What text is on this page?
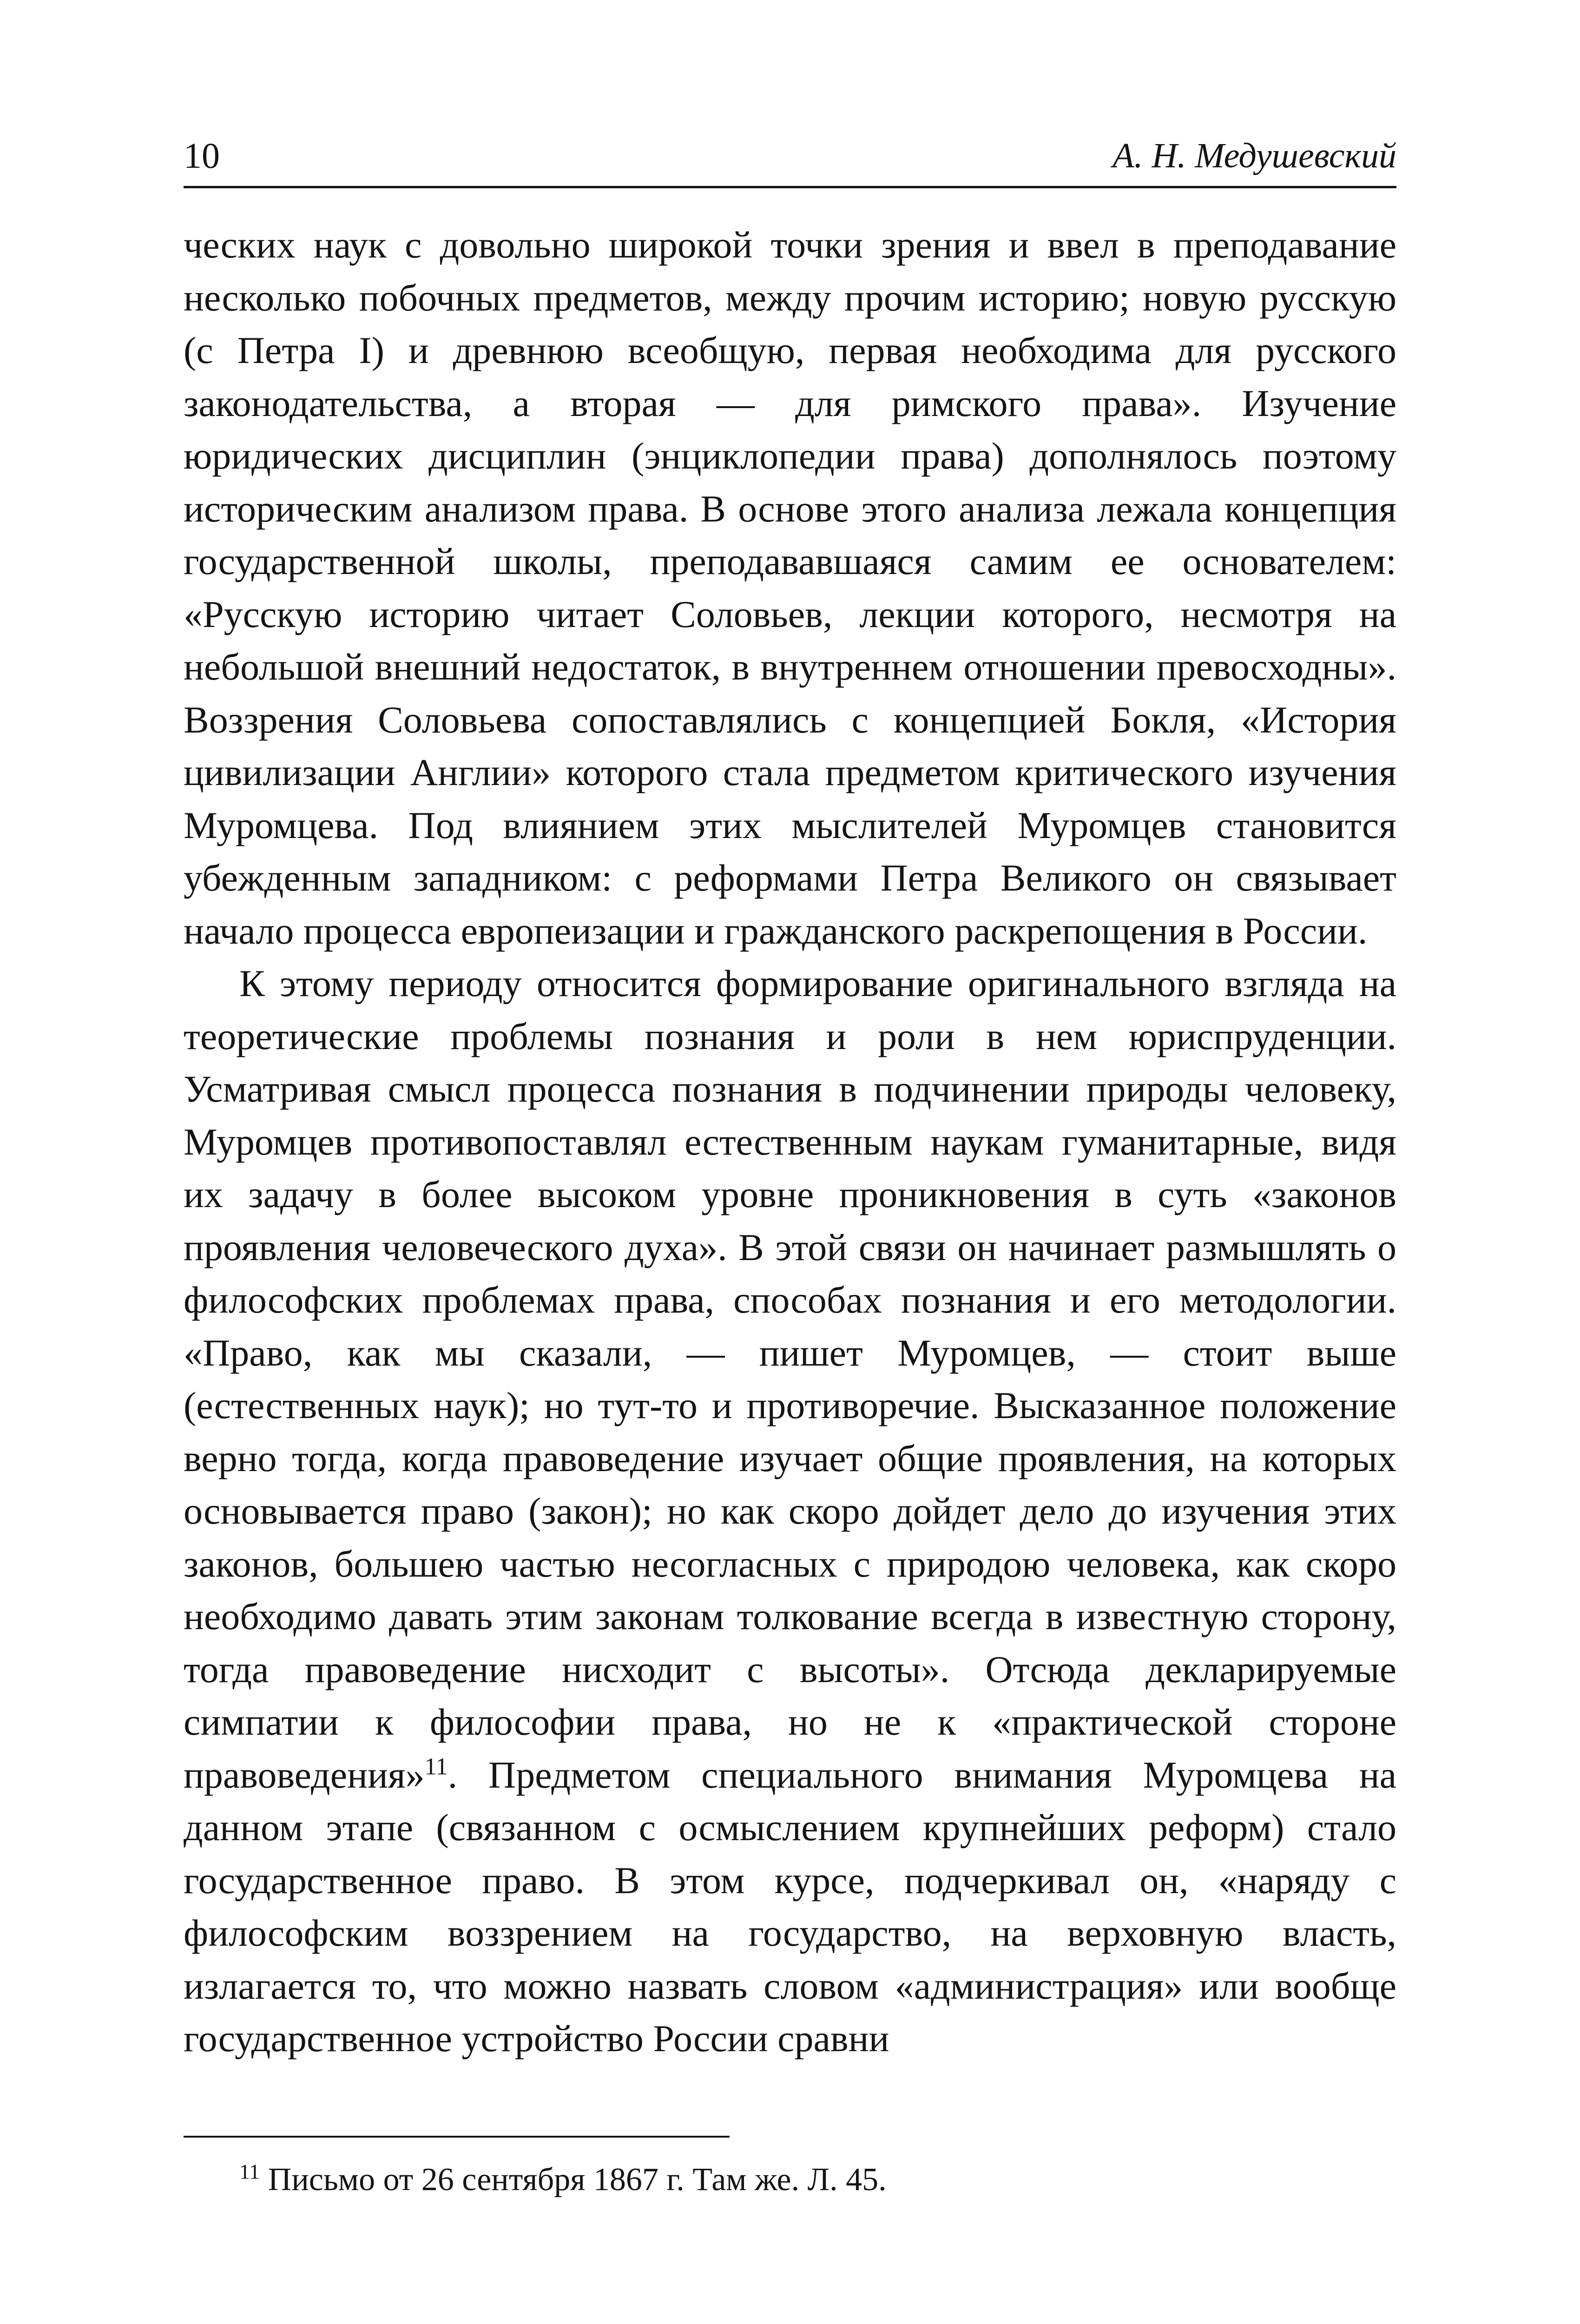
10	А. Н. Медушевский

ческих наук с довольно широкой точки зрения и ввел в преподавание несколько побочных предметов, между прочим историю; новую русскую (с Петра I) и древнюю всеобщую, первая необходима для русского законодательства, а вторая — для римского права». Изучение юридических дисциплин (энциклопедии права) дополнялось поэтому историческим анализом права. В основе этого анализа лежала концепция государственной школы, преподававшаяся самим ее основателем: «Русскую историю читает Соловьев, лекции которого, несмотря на небольшой внешний недостаток, в внутреннем отношении превосходны». Воззрения Соловьева сопоставлялись с концепцией Бокля, «История цивилизации Англии» которого стала предметом критического изучения Муромцева. Под влиянием этих мыслителей Муромцев становится убежденным западником: с реформами Петра Великого он связывает начало процесса европеизации и гражданского раскрепощения в России.

К этому периоду относится формирование оригинального взгляда на теоретические проблемы познания и роли в нем юриспруденции. Усматривая смысл процесса познания в подчинении природы человеку, Муромцев противопоставлял естественным наукам гуманитарные, видя их задачу в более высоком уровне проникновения в суть «законов проявления человеческого духа». В этой связи он начинает размышлять о философских проблемах права, способах познания и его методологии. «Право, как мы сказали, — пишет Муромцев, — стоит выше (естественных наук); но тут-то и противоречие. Высказанное положение верно тогда, когда правоведение изучает общие проявления, на которых основывается право (закон); но как скоро дойдет дело до изучения этих законов, большею частью несогласных с природою человека, как скоро необходимо давать этим законам толкование всегда в известную сторону, тогда правоведение нисходит с высоты». Отсюда декларируемые симпатии к философии права, но не к «практической стороне правоведения»$^{11}$. Предметом специального внимания Муромцева на данном этапе (связанном с осмыслением крупнейших реформ) стало государственное право. В этом курсе, подчеркивал он, «наряду с философским воззрением на государство, на верховную власть, излагается то, что можно назвать словом «администрация» или вообще государственное устройство России сравни

$^{11}$ Письмо от 26 сентября 1867 г. Там же. Л. 45.
